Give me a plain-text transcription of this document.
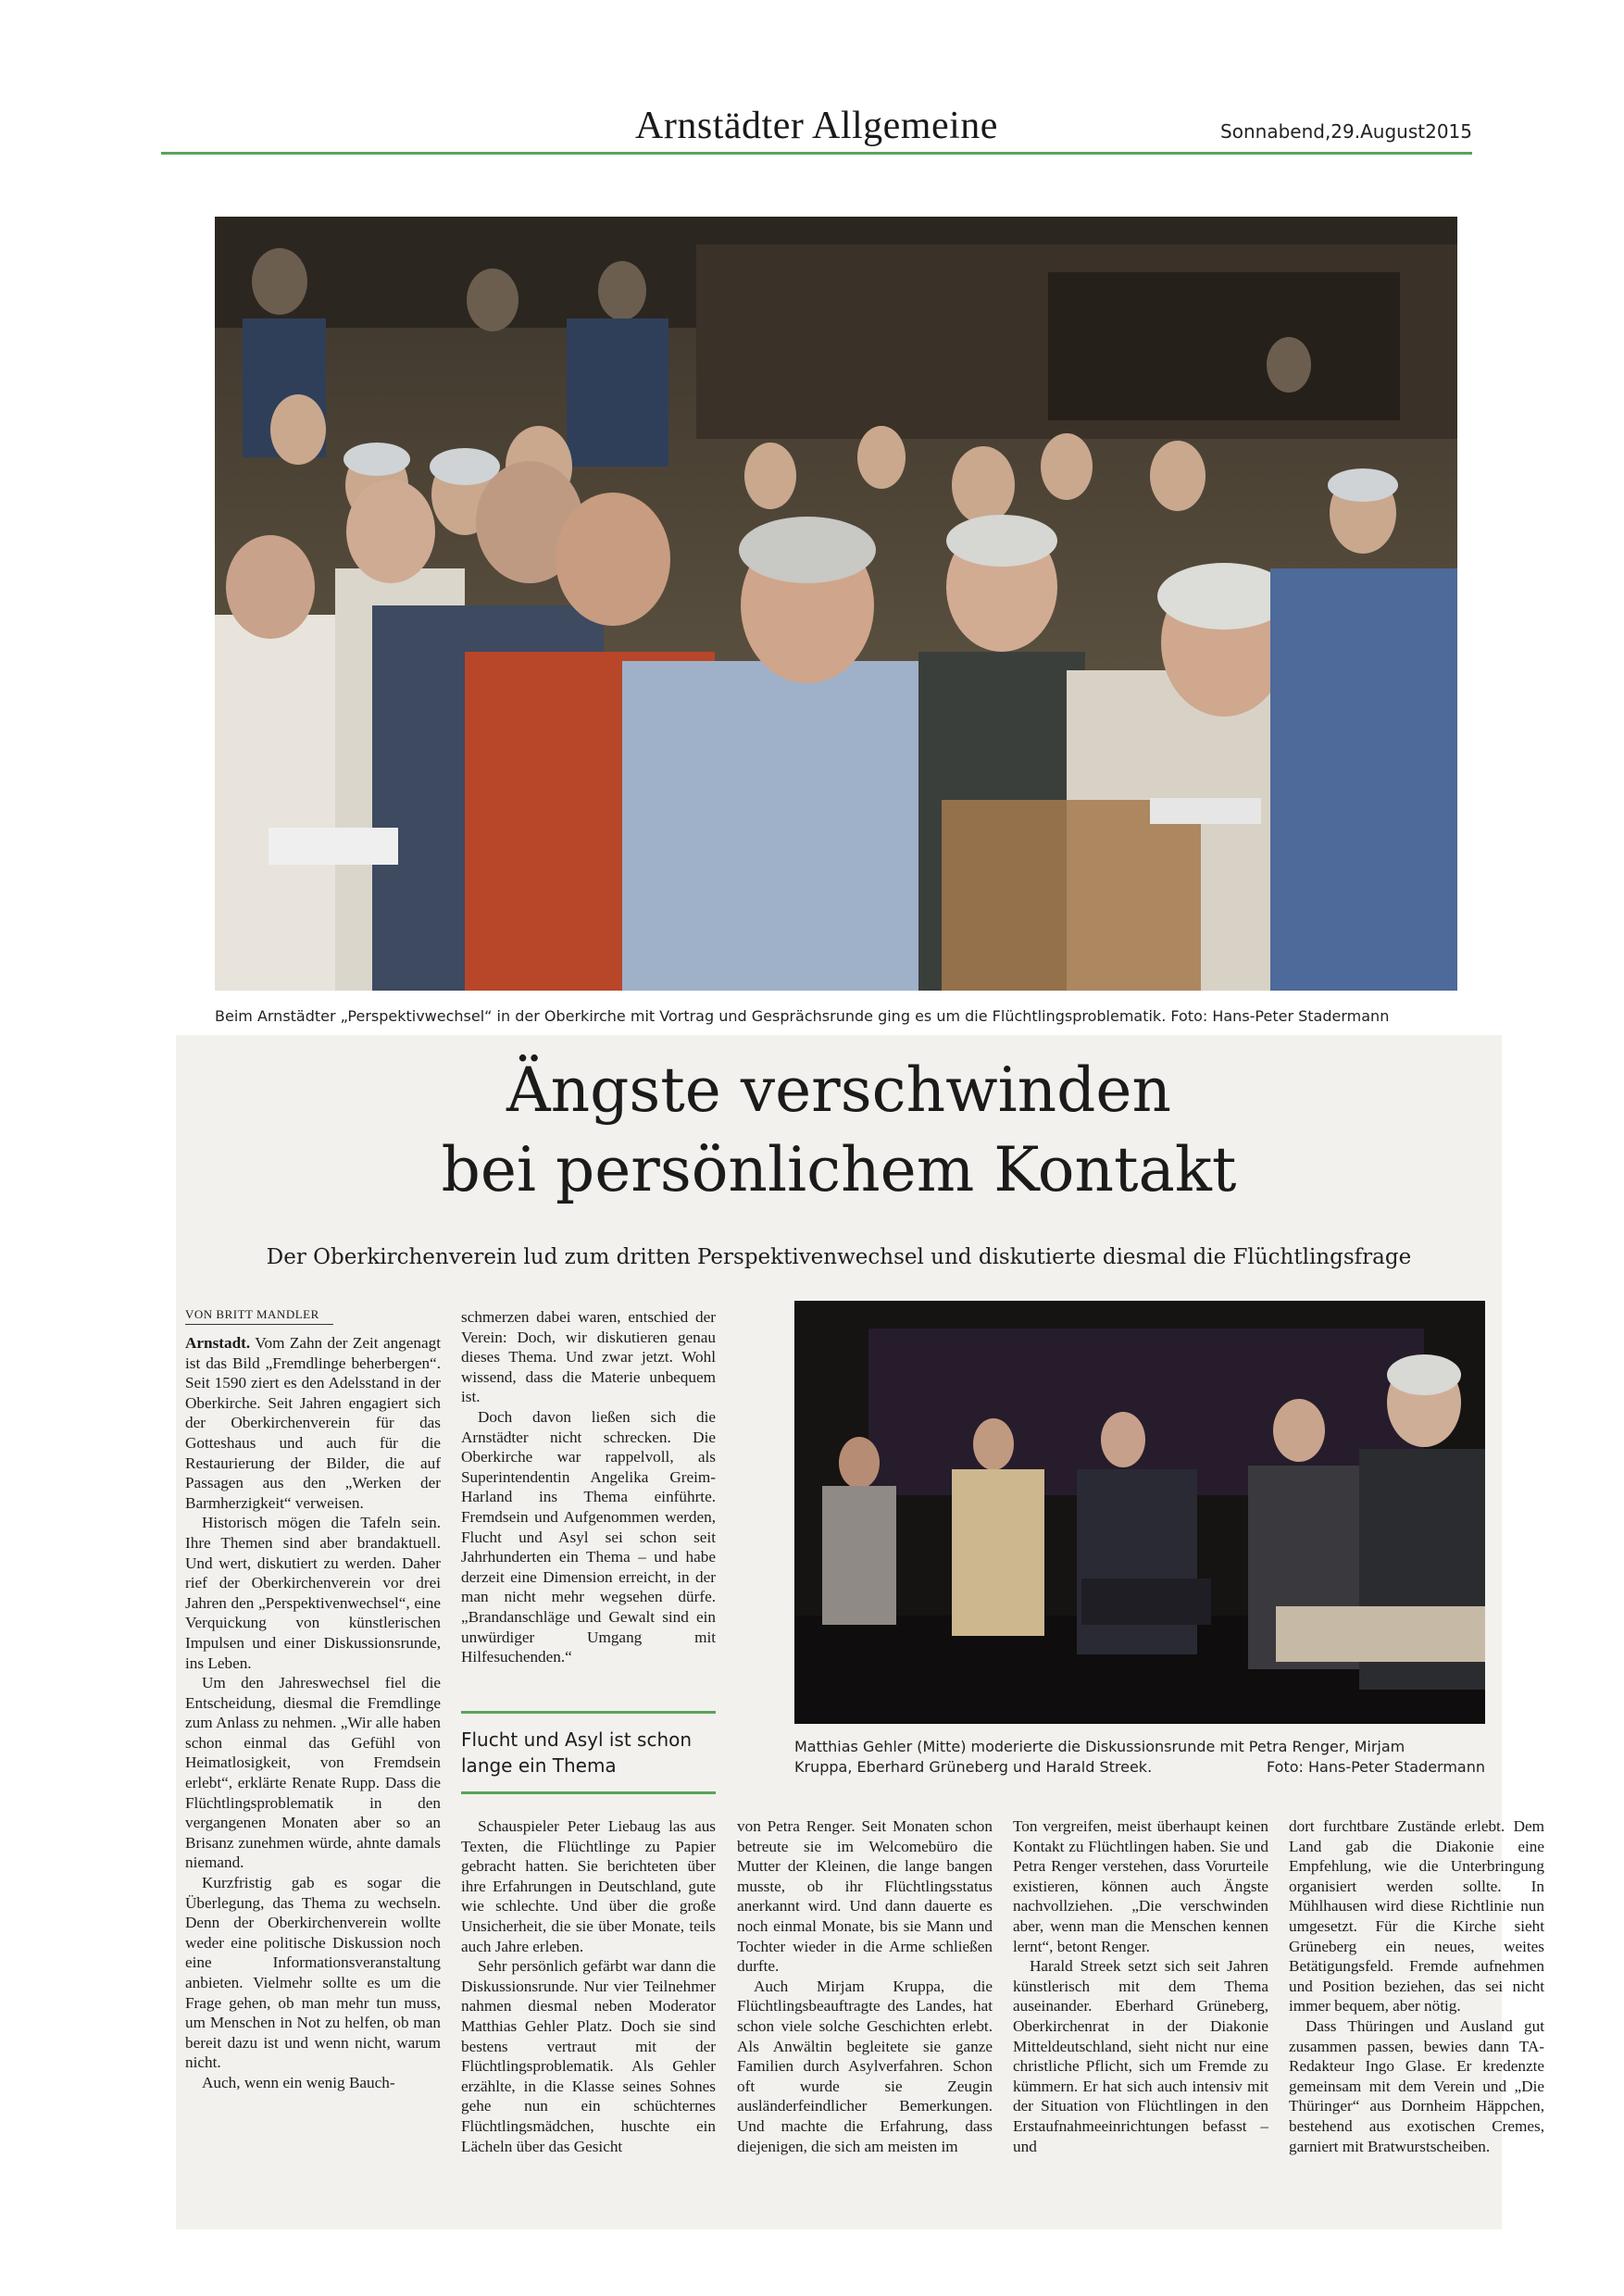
Arnstädter Allgemeine	Sonnabend,29.August2015
Beim Arnstädter „Perspektivwechsel“ in der Oberkirche mit Vortrag und Gesprächsrunde ging es um die Flüchtlingsproblematik. Foto: Hans-Peter Stadermann
Ängste verschwinden
bei persönlichem Kontakt
Der Oberkirchenverein lud zum dritten Perspektivenwechsel und diskutierte diesmal die Flüchtlingsfrage
VON BRITT MANDLER

Arnstadt. Vom Zahn der Zeit angenagt ist das Bild „Fremdlinge beherbergen“. Seit 1590 ziert es den Adelsstand in der Oberkirche. Seit Jahren engagiert sich der Oberkirchenverein für das Gotteshaus und auch für die Restaurierung der Bilder, die auf Passagen aus den „Werken der Barmherzigkeit“ verweisen.

Historisch mögen die Tafeln sein. Ihre Themen sind aber brandaktuell. Und wert, diskutiert zu werden. Daher rief der Oberkirchenverein vor drei Jahren den „Perspektivenwechsel“, eine Verquickung von künstlerischen Impulsen und einer Diskussionsrunde, ins Leben.

Um den Jahreswechsel fiel die Entscheidung, diesmal die Fremdlinge zum Anlass zu nehmen. „Wir alle haben schon einmal das Gefühl von Heimatlosigkeit, von Fremdsein erlebt“, erklärte Renate Rupp. Dass die Flüchtlingsproblematik in den vergangenen Monaten aber so an Brisanz zunehmen würde, ahnte damals niemand.

Kurzfristig gab es sogar die Überlegung, das Thema zu wechseln. Denn der Oberkirchenverein wollte weder eine politische Diskussion noch eine Informationsveranstaltung anbieten. Vielmehr sollte es um die Frage gehen, ob man mehr tun muss, um Menschen in Not zu helfen, ob man bereit dazu ist und wenn nicht, warum nicht.

Auch, wenn ein wenig Bauch-

schmerzen dabei waren, entschied der Verein: Doch, wir diskutieren genau dieses Thema. Und zwar jetzt. Wohl wissend, dass die Materie unbequem ist.

Doch davon ließen sich die Arnstädter nicht schrecken. Die Oberkirche war rappelvoll, als Superintendentin Angelika Greim-Harland ins Thema einführte. Fremdsein und Aufgenommen werden, Flucht und Asyl sei schon seit Jahrhunderten ein Thema – und habe derzeit eine Dimension erreicht, in der man nicht mehr wegsehen dürfe. „Brandanschläge und Gewalt sind ein unwürdiger Umgang mit Hilfesuchenden.“

Flucht und Asyl ist schon lange ein Thema

Schauspieler Peter Liebaug las aus Texten, die Flüchtlinge zu Papier gebracht hatten. Sie berichteten über ihre Erfahrungen in Deutschland, gute wie schlechte. Und über die große Unsicherheit, die sie über Monate, teils auch Jahre erleben.

Sehr persönlich gefärbt war dann die Diskussionsrunde. Nur vier Teilnehmer nahmen diesmal neben Moderator Matthias Gehler Platz. Doch sie sind bestens vertraut mit der Flüchtlingsproblematik. Als Gehler erzählte, in die Klasse seines Sohnes gehe nun ein schüchternes Flüchtlingsmädchen, huschte ein Lächeln über das Gesicht

von Petra Renger. Seit Monaten schon betreute sie im Welcomebüro die Mutter der Kleinen, die lange bangen musste, ob ihr Flüchtlingsstatus anerkannt wird. Und dann dauerte es noch einmal Monate, bis sie Mann und Tochter wieder in die Arme schließen durfte.

Auch Mirjam Kruppa, die Flüchtlingsbeauftragte des Landes, hat schon viele solche Geschichten erlebt. Als Anwältin begleitete sie ganze Familien durch Asylverfahren. Schon oft wurde sie Zeugin ausländerfeindlicher Bemerkungen. Und machte die Erfahrung, dass diejenigen, die sich am meisten im

Ton vergreifen, meist überhaupt keinen Kontakt zu Flüchtlingen haben. Sie und Petra Renger verstehen, dass Vorurteile existieren, können auch Ängste nachvollziehen. „Die verschwinden aber, wenn man die Menschen kennen lernt“, betont Renger.

Harald Streek setzt sich seit Jahren künstlerisch mit dem Thema auseinander. Eberhard Grüneberg, Oberkirchenrat in der Diakonie Mitteldeutschland, sieht nicht nur eine christliche Pflicht, sich um Fremde zu kümmern. Er hat sich auch intensiv mit der Situation von Flüchtlingen in den Erstaufnahmeeinrichtungen befasst – und

dort furchtbare Zustände erlebt. Dem Land gab die Diakonie eine Empfehlung, wie die Unterbringung organisiert werden sollte. In Mühlhausen wird diese Richtlinie nun umgesetzt. Für die Kirche sieht Grüneberg ein neues, weites Betätigungsfeld. Fremde aufnehmen und Position beziehen, das sei nicht immer bequem, aber nötig.

Dass Thüringen und Ausland gut zusammen passen, bewies dann TA-Redakteur Ingo Glase. Er kredenzte gemeinsam mit dem Verein und „Die Thüringer“ aus Dornheim Häppchen, bestehend aus exotischen Cremes, garniert mit Bratwurstscheiben.

Matthias Gehler (Mitte) moderierte die Diskussionsrunde mit Petra Renger, Mirjam
Kruppa, Eberhard Grüneberg und Harald Streek.	Foto: Hans-Peter Stadermann
